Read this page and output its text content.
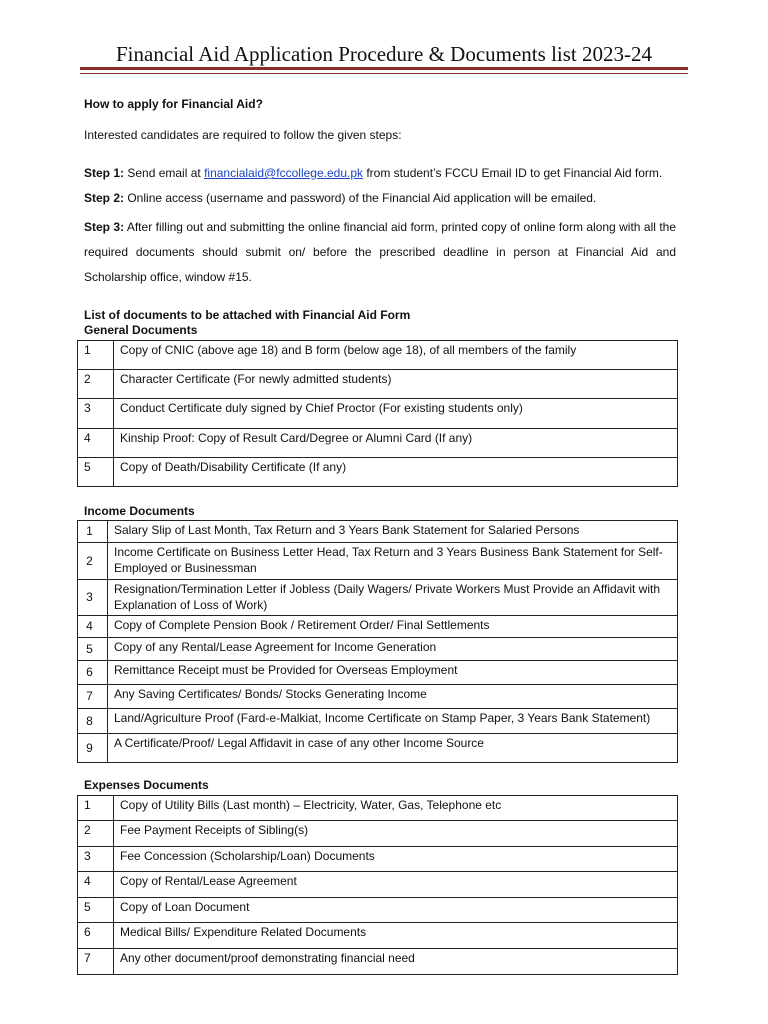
Financial Aid Application Procedure & Documents list 2023-24

How to apply for Financial Aid?

Interested candidates are required to follow the given steps:

Step 1: Send email at financialaid@fccollege.edu.pk from student’s FCCU Email ID to get Financial Aid form.

Step 2: Online access (username and password) of the Financial Aid application will be emailed.

Step 3: After filling out and submitting the online financial aid form, printed copy of online form along with all the required documents should submit on/ before the prescribed deadline in person at Financial Aid and Scholarship office, window #15.

List of documents to be attached with Financial Aid Form
General Documents
1	Copy of CNIC (above age 18) and B form (below age 18), of all members of the family
2	Character Certificate (For newly admitted students)
3	Conduct Certificate duly signed by Chief Proctor (For existing students only)
4	Kinship Proof: Copy of Result Card/Degree or Alumni Card (If any)
5	Copy of Death/Disability Certificate (If any)
Income Documents
1	Salary Slip of Last Month, Tax Return and 3 Years Bank Statement for Salaried Persons
2	Income Certificate on Business Letter Head, Tax Return and 3 Years Business Bank Statement for Self-Employed or Businessman
3	Resignation/Termination Letter if Jobless (Daily Wagers/ Private Workers Must Provide an Affidavit with Explanation of Loss of Work)
4	Copy of Complete Pension Book / Retirement Order/ Final Settlements
5	Copy of any Rental/Lease Agreement for Income Generation
6	Remittance Receipt must be Provided for Overseas Employment
7	Any Saving Certificates/ Bonds/ Stocks Generating Income
8	Land/Agriculture Proof (Fard-e-Malkiat, Income Certificate on Stamp Paper, 3 Years Bank Statement)
9	A Certificate/Proof/ Legal Affidavit in case of any other Income Source
Expenses Documents
1	Copy of Utility Bills (Last month) – Electricity, Water, Gas, Telephone etc
2	Fee Payment Receipts of Sibling(s)
3	Fee Concession (Scholarship/Loan) Documents
4	Copy of Rental/Lease Agreement
5	Copy of Loan Document
6	Medical Bills/ Expenditure Related Documents
7	Any other document/proof demonstrating financial need
